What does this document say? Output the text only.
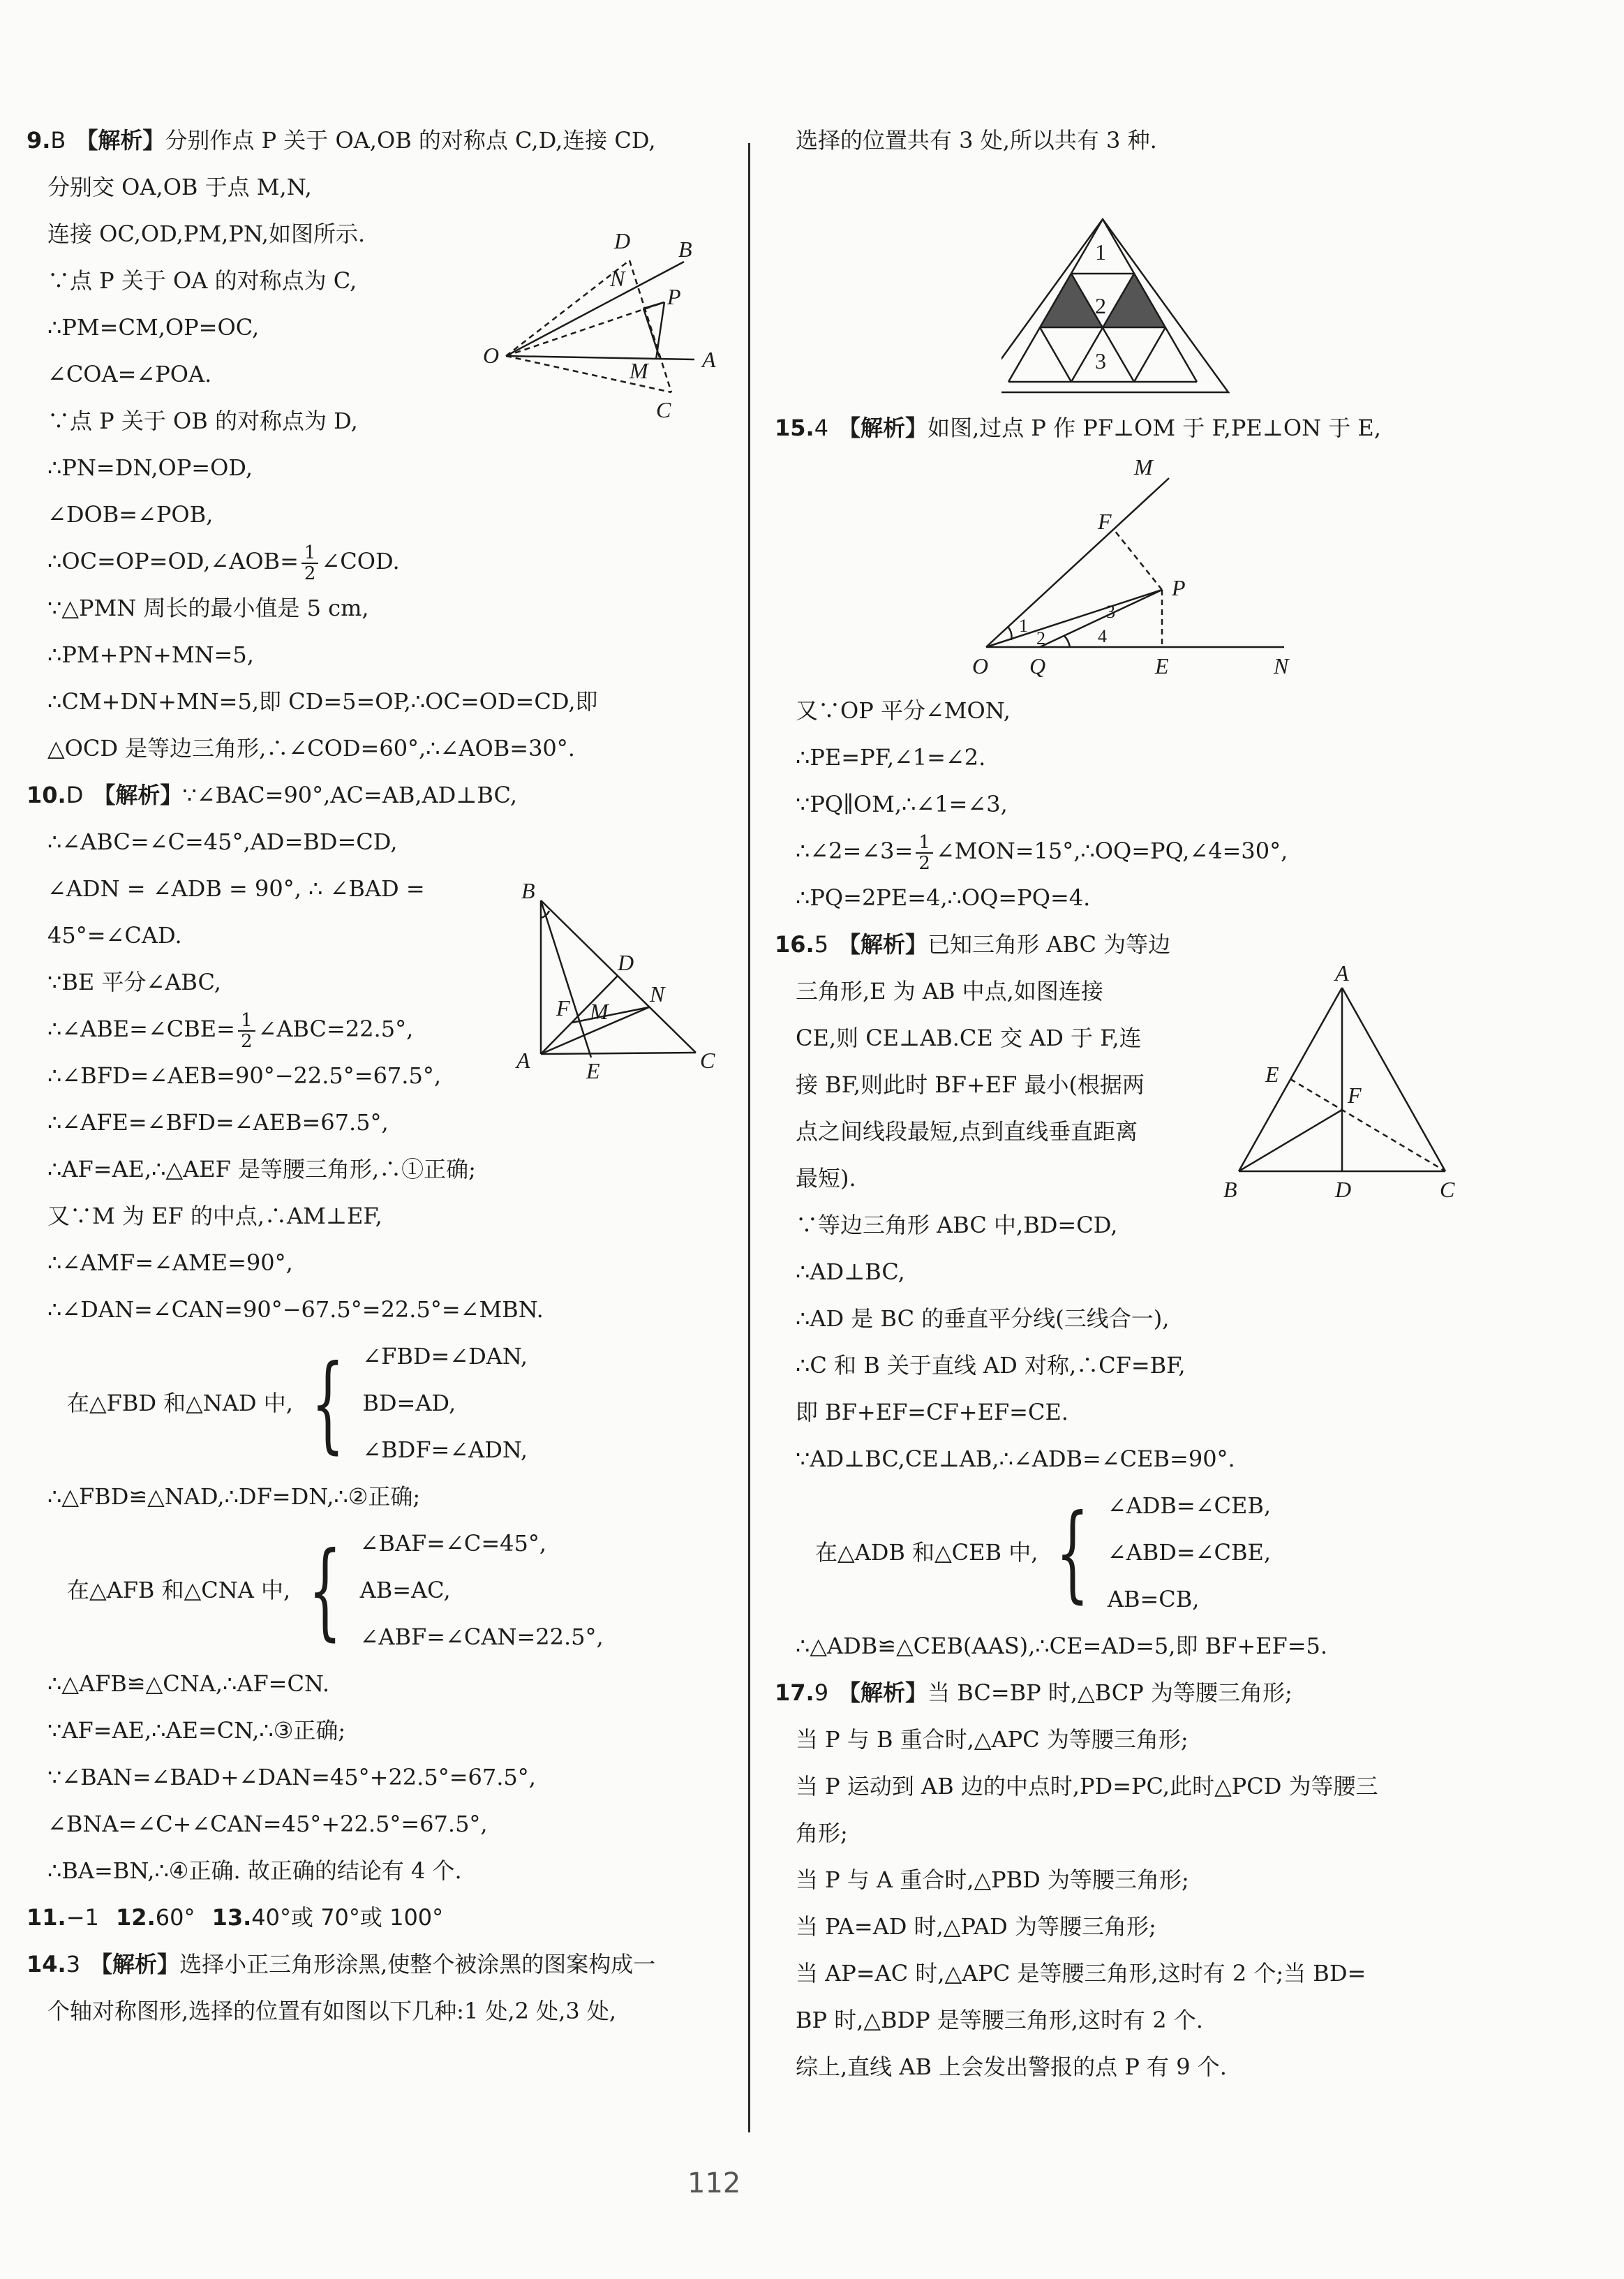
9.B 【解析】分别作点 P 关于 OA,OB 的对称点 C,D,连接 CD,
分别交 OA,OB 于点 M,N,
连接 OC,OD,PM,PN,如图所示.
∵点 P 关于 OA 的对称点为 C,
∴PM=CM,OP=OC,
∠COA=∠POA.
∵点 P 关于 OB 的对称点为 D,
∴PN=DN,OP=OD,
∠DOB=∠POB,
∴OC=OP=OD,∠AOB= $\frac{1}{2}$ ∠COD.
∵△PMN 周长的最小值是 5 cm,
∴PM+PN+MN=5,
∴CM+DN+MN=5,即 CD=5=OP,∴OC=OD=CD,即
△OCD 是等边三角形,∴∠COD=60°,∴∠AOB=30°.
10.D 【解析】∵∠BAC=90°,AC=AB,AD⊥BC,
∴∠ABC=∠C=45°,AD=BD=CD,
∠ADN = ∠ADB = 90°, ∴ ∠BAD =
45°=∠CAD.
∵BE 平分∠ABC,
∴∠ABE=∠CBE= $\frac{1}{2}$ ∠ABC=22.5°,
∴∠BFD=∠AEB=90°−22.5°=67.5°,
∴∠AFE=∠BFD=∠AEB=67.5°,
∴AF=AE,∴△AEF 是等腰三角形,∴①正确;
又∵M 为 EF 的中点,∴AM⊥EF,
∴∠AMF=∠AME=90°,
∴∠DAN=∠CAN=90°−67.5°=22.5°=∠MBN.
在△FBD 和△NAD 中, { ∠FBD=∠DAN,
BD=AD,
∠BDF=∠ADN,
∴△FBD≌△NAD,∴DF=DN,∴②正确;
在△AFB 和△CNA 中, { ∠BAF=∠C=45°,
AB=AC,
∠ABF=∠CAN=22.5°,
∴△AFB≌△CNA,∴AF=CN.
∵AF=AE,∴AE=CN,∴③正确;
∵∠BAN=∠BAD+∠DAN=45°+22.5°=67.5°,
∠BNA=∠C+∠CAN=45°+22.5°=67.5°,
∴BA=BN,∴④正确. 故正确的结论有 4 个.
11.−1 12.60° 13.40°或 70°或 100°
14.3 【解析】选择小正三角形涂黑,使整个被涂黑的图案构成一
个轴对称图形,选择的位置有如图以下几种:1 处,2 处,3 处,
D B
N
P
O
M A
C
B
D
N
F M
A	E	C
选择的位置共有 3 处,所以共有 3 种.
1
2
3
15.4 【解析】如图,过点 P 作 PF⊥OM 于 F,PE⊥ON 于 E,
M
F
P
O Q	E	N
1
2
3
4
又∵OP 平分∠MON,
∴PE=PF,∠1=∠2.
∵PQ∥OM,∴∠1=∠3,
∴∠2=∠3= $\frac{1}{2}$ ∠MON=15°,∴OQ=PQ,∠4=30°,
∴PQ=2PE=4,∴OQ=PQ=4.
16.5 【解析】已知三角形 ABC 为等边
三角形,E 为 AB 中点,如图连接
CE,则 CE⊥AB.CE 交 AD 于 F,连
接 BF,则此时 BF+EF 最小(根据两
点之间线段最短,点到直线垂直距离
最短).
∵等边三角形 ABC 中,BD=CD,
∴AD⊥BC,
∴AD 是 BC 的垂直平分线(三线合一),
∴C 和 B 关于直线 AD 对称,∴CF=BF,
即 BF+EF=CF+EF=CE.
∵AD⊥BC,CE⊥AB,∴∠ADB=∠CEB=90°.
在△ADB 和△CEB 中, { ∠ADB=∠CEB,
∠ABD=∠CBE,
AB=CB,
∴△ADB≌△CEB(AAS),∴CE=AD=5,即 BF+EF=5.
17.9 【解析】当 BC=BP 时,△BCP 为等腰三角形;
当 P 与 B 重合时,△APC 为等腰三角形;
当 P 运动到 AB 边的中点时,PD=PC,此时△PCD 为等腰三
角形;
当 P 与 A 重合时,△PBD 为等腰三角形;
当 PA=AD 时,△PAD 为等腰三角形;
当 AP=AC 时,△APC 是等腰三角形,这时有 2 个;当 BD=
BP 时,△BDP 是等腰三角形,这时有 2 个.
综上,直线 AB 上会发出警报的点 P 有 9 个.
A
E
F
B	D	C
112
